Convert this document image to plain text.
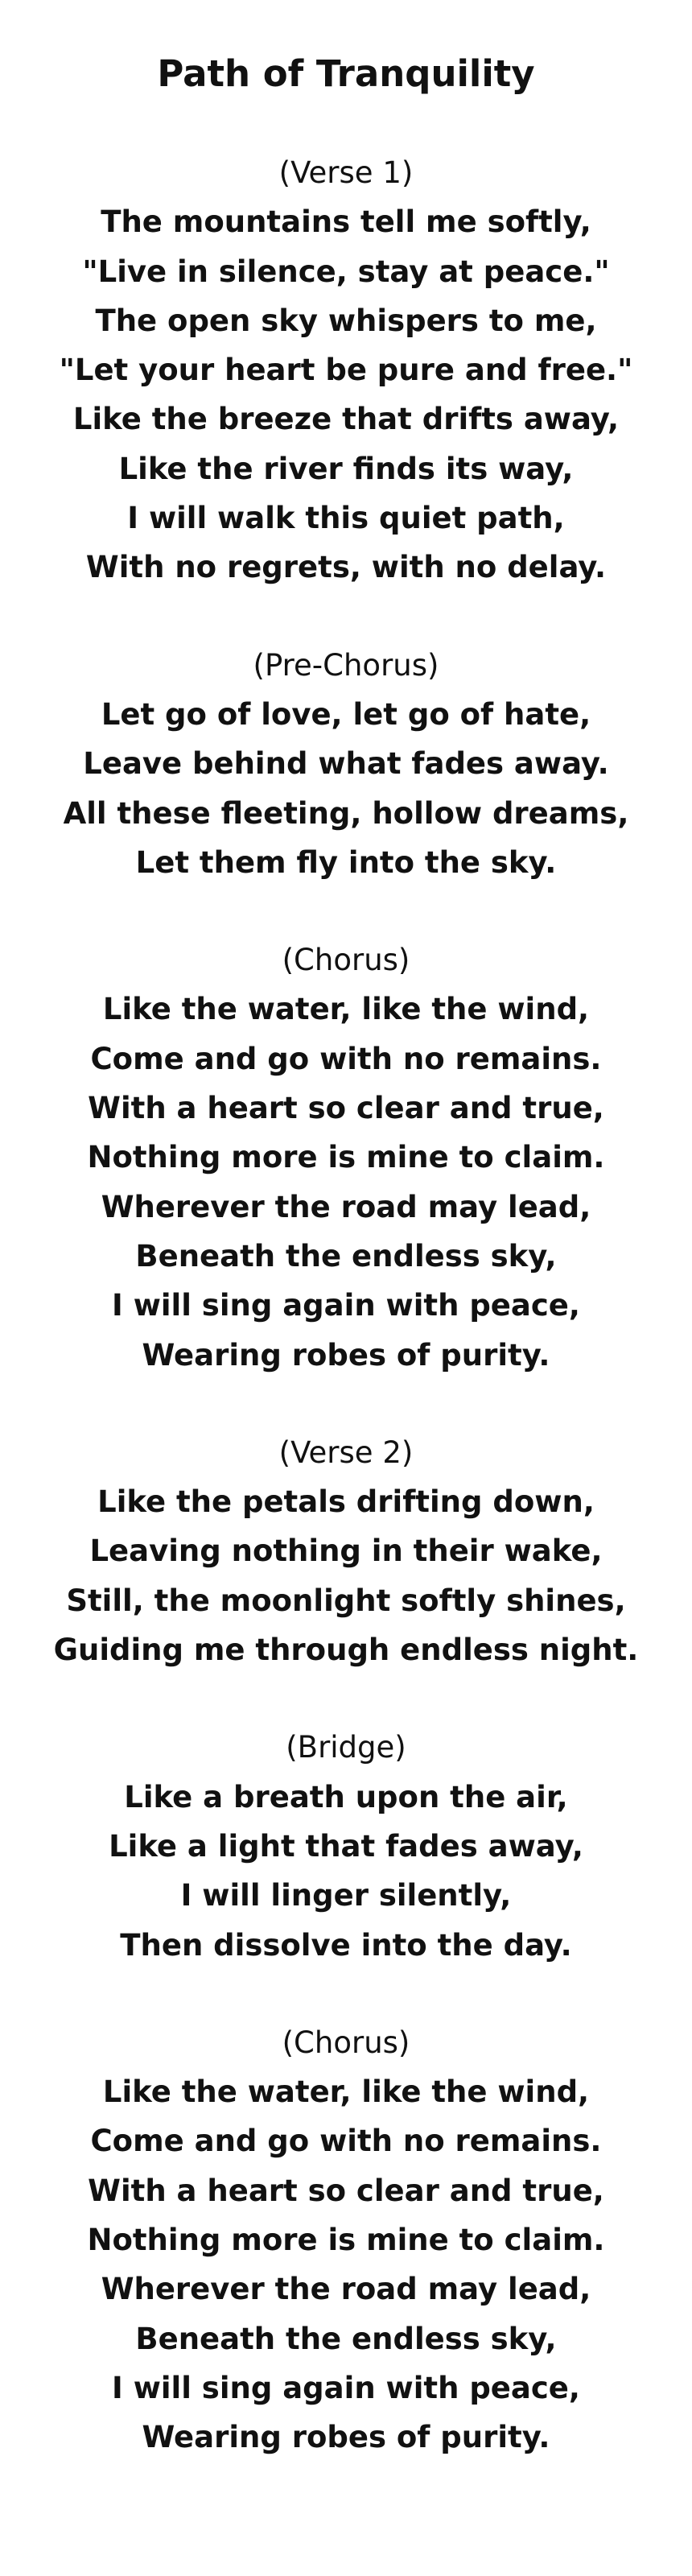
Path of Tranquility
(Verse 1)
The mountains tell me softly,
"Live in silence, stay at peace."
The open sky whispers to me,
"Let your heart be pure and free."
Like the breeze that drifts away,
Like the river finds its way,
I will walk this quiet path,
With no regrets, with no delay.
(Pre-Chorus)
Let go of love, let go of hate,
Leave behind what fades away.
All these fleeting, hollow dreams,
Let them fly into the sky.
(Chorus)
Like the water, like the wind,
Come and go with no remains.
With a heart so clear and true,
Nothing more is mine to claim.
Wherever the road may lead,
Beneath the endless sky,
I will sing again with peace,
Wearing robes of purity.
(Verse 2)
Like the petals drifting down,
Leaving nothing in their wake,
Still, the moonlight softly shines,
Guiding me through endless night.
(Bridge)
Like a breath upon the air,
Like a light that fades away,
I will linger silently,
Then dissolve into the day.
(Chorus)
Like the water, like the wind,
Come and go with no remains.
With a heart so clear and true,
Nothing more is mine to claim.
Wherever the road may lead,
Beneath the endless sky,
I will sing again with peace,
Wearing robes of purity.
